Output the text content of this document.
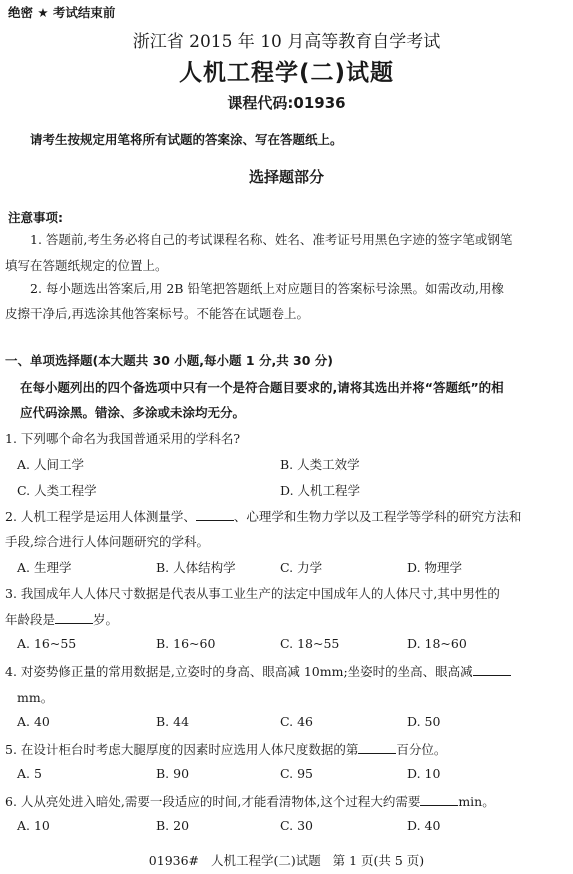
绝密 ★ 考试结束前
浙江省 2015 年 10 月高等教育自学考试
人机工程学(二)试题
课程代码:01936
请考生按规定用笔将所有试题的答案涂、写在答题纸上。
选择题部分
注意事项:
1. 答题前,考生务必将自己的考试课程名称、姓名、准考证号用黑色字迹的签字笔或钢笔
填写在答题纸规定的位置上。
2. 每小题选出答案后,用 2B 铅笔把答题纸上对应题目的答案标号涂黑。如需改动,用橡
皮擦干净后,再选涂其他答案标号。不能答在试题卷上。
一、单项选择题(本大题共 30 小题,每小题 1 分,共 30 分)
在每小题列出的四个备选项中只有一个是符合题目要求的,请将其选出并将“答题纸”的相
应代码涂黑。错涂、多涂或未涂均无分。
1. 下列哪个命名为我国普通采用的学科名?
A. 人间工学	B. 人类工效学
C. 人类工程学	D. 人机工程学
2. 人机工程学是运用人体测量学、	、心理学和生物力学以及工程学等学科的研究方法和
手段,综合进行人体问题研究的学科。
A. 生理学	B. 人体结构学	C. 力学	D. 物理学
3. 我国成年人人体尺寸数据是代表从事工业生产的法定中国成年人的人体尺寸,其中男性的
年龄段是	岁。
A. 16~55	B. 16~60	C. 18~55	D. 18~60
4. 对姿势修正量的常用数据是,立姿时的身高、眼高减 10mm;坐姿时的坐高、眼高减
mm。
A. 40	B. 44	C. 46	D. 50
5. 在设计柜台时考虑大腿厚度的因素时应选用人体尺度数据的第	百分位。
A. 5	B. 90	C. 95	D. 10
6. 人从亮处进入暗处,需要一段适应的时间,才能看清物体,这个过程大约需要	min。
A. 10	B. 20	C. 30	D. 40
01936#   人机工程学(二)试题   第 1 页(共 5 页)
